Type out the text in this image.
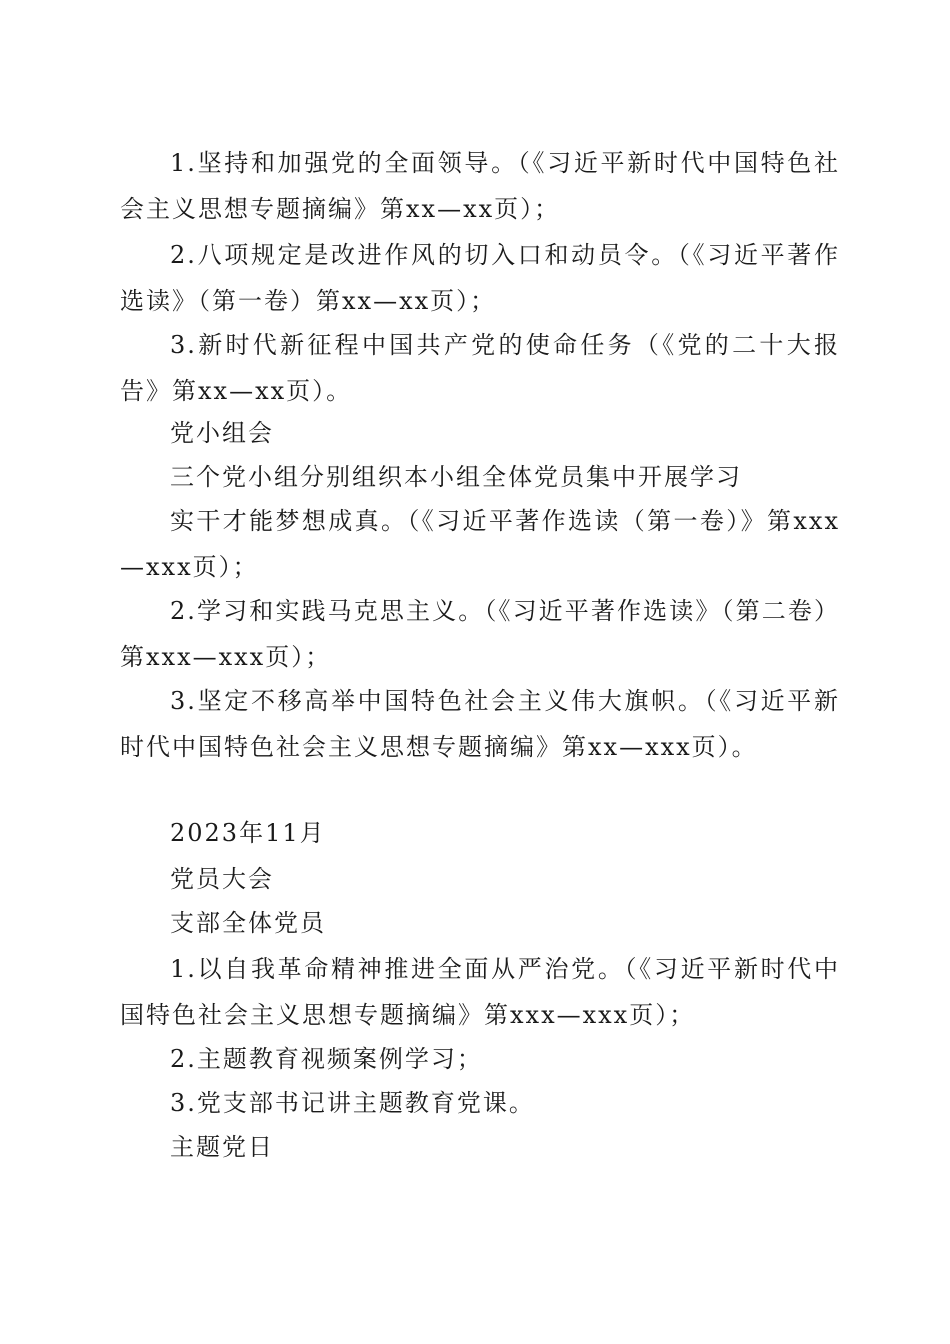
1.坚持和加强党的全面领导。（《习近平新时代中国特色社会主义思想专题摘编》第xx—xx页）；
2.八项规定是改进作风的切入口和动员令。（《习近平著作选读》（第一卷）第xx—xx页）；
3.新时代新征程中国共产党的使命任务（《党的二十大报告》第xx—xx页）。
党小组会
三个党小组分别组织本小组全体党员集中开展学习
实干才能梦想成真。（《习近平著作选读（第一卷）》第xxx—xxx页）；
2.学习和实践马克思主义。（《习近平著作选读》（第二卷）第xxx—xxx页）；
3.坚定不移高举中国特色社会主义伟大旗帜。（《习近平新时代中国特色社会主义思想专题摘编》第xx—xxx页）。
2023年11月
党员大会
支部全体党员
1.以自我革命精神推进全面从严治党。（《习近平新时代中国特色社会主义思想专题摘编》第xxx—xxx页）；
2.主题教育视频案例学习；
3.党支部书记讲主题教育党课。
主题党日
